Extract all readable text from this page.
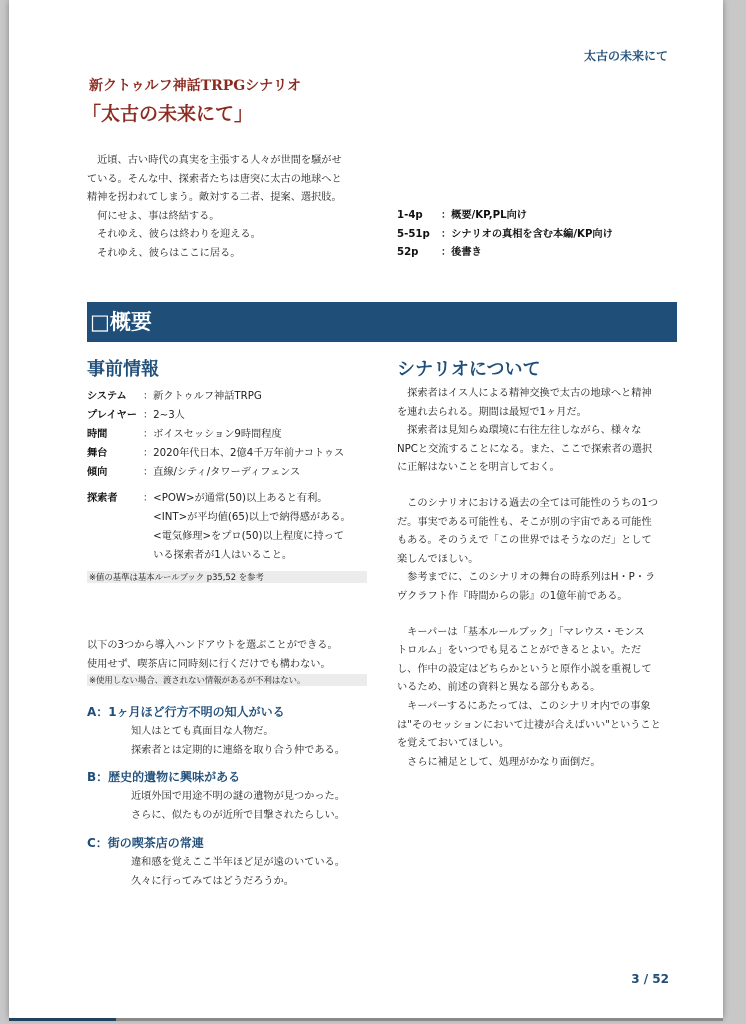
太古の未来にて
新クトゥルフ神話TRPGシナリオ
「太古の未来にて」

　近頃、古い時代の真実を主張する人々が世間を騒がせ

ている。そんな中、探索者たちは唐突に太古の地球へと

精神を拐われてしまう。敵対する二者、提案、選択肢。

　何にせよ、事は終結する。

　それゆえ、彼らは終わりを迎える。

　それゆえ、彼らはここに居る。

1-4p	：概要/KP,PL向け
5-51p	：シナリオの真相を含む本編/KP向け
52p	：後書き
□概要
事前情報
システム	：新クトゥルフ神話TRPG
プレイヤー ：2~3人
時間	：ボイスセッション9時間程度
舞台	：2020年代日本、2億4千万年前ナコトゥス
傾向	：直線/シティ/タワーディフェンス
探索者	：<POW>が通常(50)以上あると有利。
　<INT>が平均値(65)以上で納得感がある。
　<電気修理>をプロ(50)以上程度に持って
　いる探索者が1人はいること。
※値の基準は基本ルールブック p35,52 を参考

以下の3つから導入ハンドアウトを選ぶことができる。

使用せず、喫茶店に同時刻に行くだけでも構わない。

※使用しない場合、渡されない情報があるが不利はない。
A：1ヶ月ほど行方不明の知人がいる

知人はとても真面目な人物だ。

探索者とは定期的に連絡を取り合う仲である。

B：歴史的遺物に興味がある

近頃外国で用途不明の謎の遺物が見つかった。

さらに、似たものが近所で目撃されたらしい。

C：街の喫茶店の常連

違和感を覚えここ半年ほど足が遠のいている。

久々に行ってみてはどうだろうか。

シナリオについて

　探索者はイス人による精神交換で太古の地球へと精神

を連れ去られる。期間は最短で1ヶ月だ。

　探索者は見知らぬ環境に右往左往しながら、様々な

NPCと交流することになる。また、ここで探索者の選択

に正解はないことを明言しておく。

　このシナリオにおける過去の全ては可能性のうちの1つ

だ。事実である可能性も、そこが別の宇宙である可能性

もある。そのうえで「この世界ではそうなのだ」として

楽しんでほしい。

　参考までに、このシナリオの舞台の時系列はH・P・ラ

ヴクラフト作『時間からの影』の1億年前である。

　キーパーは「基本ルールブック」「マレウス・モンス

トロルム」をいつでも見ることができるとよい。ただ

し、作中の設定はどちらかというと原作小説を重視して

いるため、前述の資料と異なる部分もある。

　キーパーするにあたっては、このシナリオ内での事象

は"そのセッションにおいて辻褄が合えばいい"ということ

を覚えておいてほしい。

　さらに補足として、処理がかなり面倒だ。

3 / 52
